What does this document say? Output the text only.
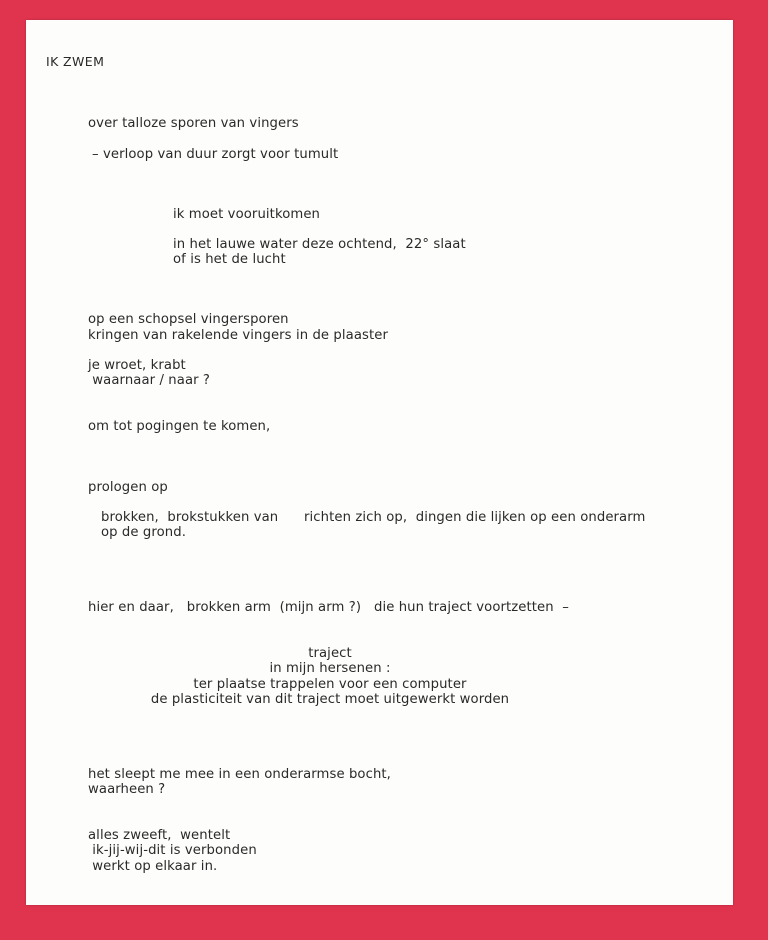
IK ZWEM
over talloze sporen van vingers
– verloop van duur zorgt voor tumult
ik moet vooruitkomen
in het lauwe water deze ochtend,  22° slaat
of is het de lucht
op een schopsel vingersporen
kringen van rakelende vingers in de plaaster
je wroet, krabt
waarnaar / naar ?
om tot pogingen te komen,
prologen op
brokken,  brokstukken van      richten zich op,  dingen die lijken op een onderarm
op de grond.
hier en daar,   brokken arm  (mijn arm ?)   die hun traject voortzetten  –
traject
in mijn hersenen :
ter plaatse trappelen voor een computer
de plasticiteit van dit traject moet uitgewerkt worden
het sleept me mee in een onderarmse bocht,
waarheen ?
alles zweeft,  wentelt
ik-jij-wij-dit is verbonden
werkt op elkaar in.
